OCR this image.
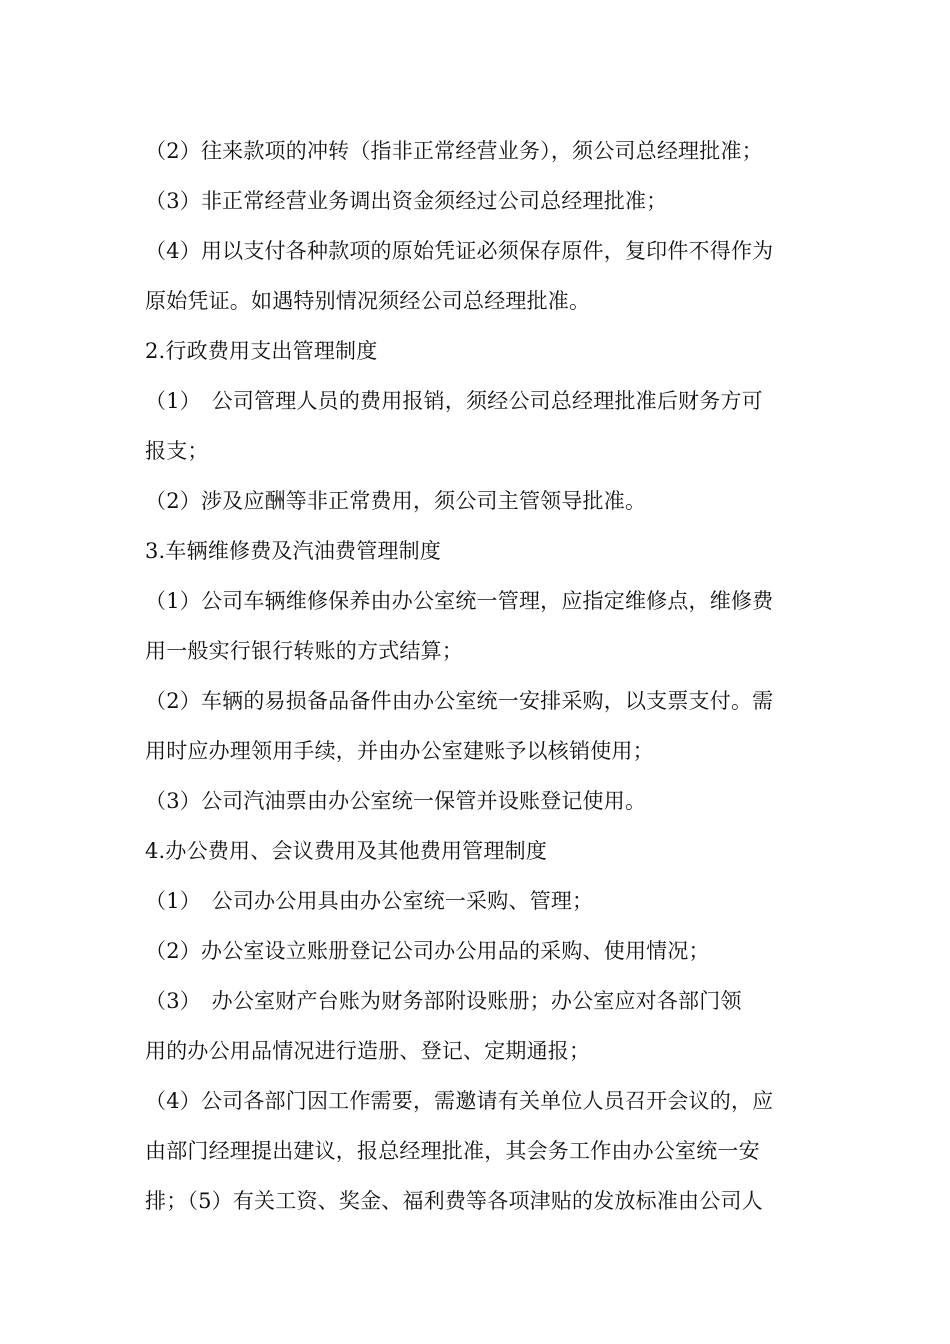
（2）往来款项的冲转（指非正常经营业务），须公司总经理批准；
（3）非正常经营业务调出资金须经过公司总经理批准；
（4）用以支付各种款项的原始凭证必须保存原件，复印件不得作为
原始凭证。如遇特别情况须经公司总经理批准。
2.行政费用支出管理制度
（1）　公司管理人员的费用报销，须经公司总经理批准后财务方可
报支；
（2）涉及应酬等非正常费用，须公司主管领导批准。
3.车辆维修费及汽油费管理制度
（1）公司车辆维修保养由办公室统一管理，应指定维修点，维修费
用一般实行银行转账的方式结算；
（2）车辆的易损备品备件由办公室统一安排采购，以支票支付。需
用时应办理领用手续，并由办公室建账予以核销使用；
（3）公司汽油票由办公室统一保管并设账登记使用。
4.办公费用、会议费用及其他费用管理制度
（1）　公司办公用具由办公室统一采购、管理；
（2）办公室设立账册登记公司办公用品的采购、使用情况；
（3）　办公室财产台账为财务部附设账册；办公室应对各部门领
用的办公用品情况进行造册、登记、定期通报；
（4）公司各部门因工作需要，需邀请有关单位人员召开会议的，应
由部门经理提出建议，报总经理批准，其会务工作由办公室统一安
排；（5）有关工资、奖金、福利费等各项津贴的发放标准由公司人
